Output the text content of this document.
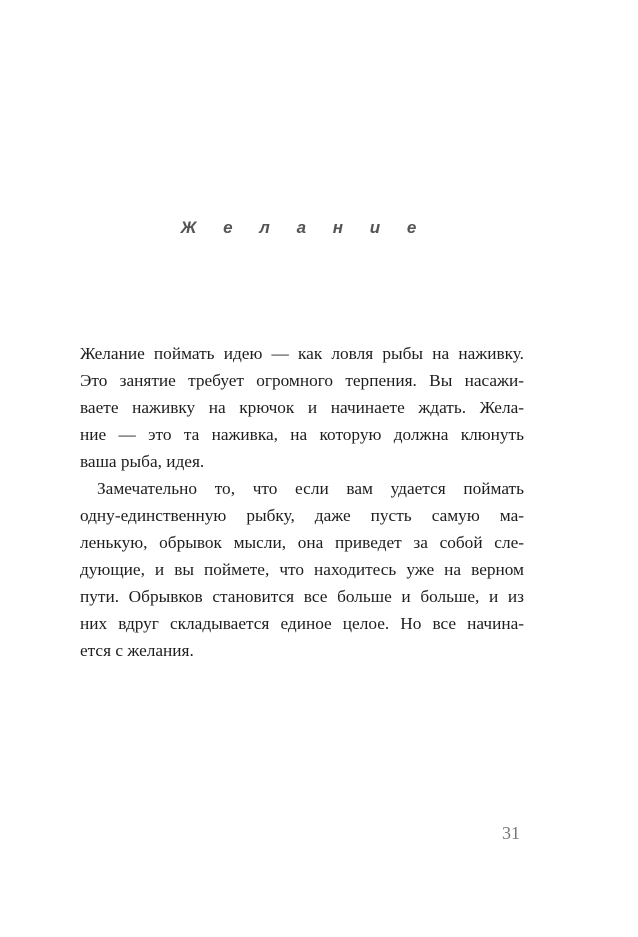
Ж е л а н и е
Желание поймать идею — как ловля рыбы на наживку.
Это занятие требует огромного терпения. Вы насажи-
ваете наживку на крючок и начинаете ждать. Жела-
ние — это та наживка, на которую должна клюнуть
ваша рыба, идея.
Замечательно то, что если вам удается поймать
одну-единственную рыбку, даже пусть самую ма-
ленькую, обрывок мысли, она приведет за собой сле-
дующие, и вы поймете, что находитесь уже на верном
пути. Обрывков становится все больше и больше, и из
них вдруг складывается единое целое. Но все начина-
ется с желания.

31
